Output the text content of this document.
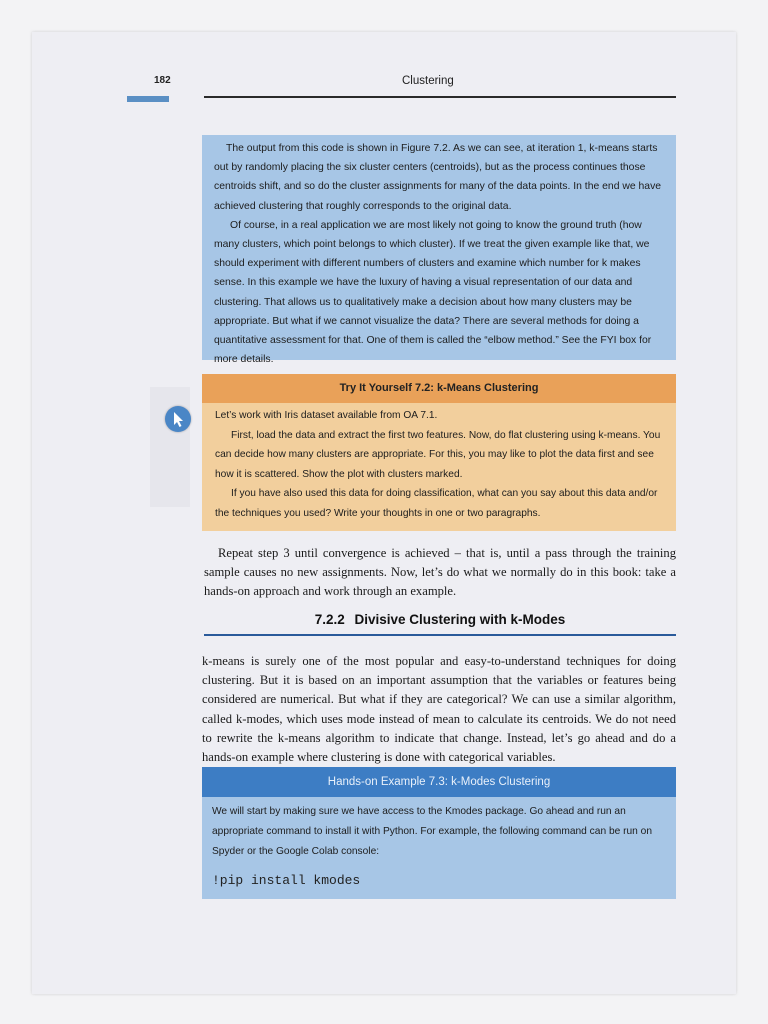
182	Clustering

The output from this code is shown in Figure 7.2. As we can see, at iteration 1, k-means starts out by randomly placing the six cluster centers (centroids), but as the process continues those centroids shift, and so do the cluster assignments for many of the data points. In the end we have achieved clustering that roughly corresponds to the original data.

Of course, in a real application we are most likely not going to know the ground truth (how many clusters, which point belongs to which cluster). If we treat the given example like that, we should experiment with different numbers of clusters and examine which number for k makes sense. In this example we have the luxury of having a visual representation of our data and clustering. That allows us to qualitatively make a decision about how many clusters may be appropriate. But what if we cannot visualize the data? There are several methods for doing a quantitative assessment for that. One of them is called the “elbow method.” See the FYI box for more details.

Try It Yourself 7.2: k-Means Clustering

Let’s work with Iris dataset available from OA 7.1.

First, load the data and extract the first two features. Now, do flat clustering using k-means. You can decide how many clusters are appropriate. For this, you may like to plot the data first and see how it is scattered. Show the plot with clusters marked.

If you have also used this data for doing classification, what can you say about this data and/or the techniques you used? Write your thoughts in one or two paragraphs.

Repeat step 3 until convergence is achieved – that is, until a pass through the training sample causes no new assignments. Now, let’s do what we normally do in this book: take a hands-on approach and work through an example.
7.2.2 Divisive Clustering with k-Modes
k-means is surely one of the most popular and easy-to-understand techniques for doing clustering. But it is based on an important assumption that the variables or features being considered are numerical. But what if they are categorical? We can use a similar algorithm, called k-modes, which uses mode instead of mean to calculate its centroids. We do not need to rewrite the k-means algorithm to indicate that change. Instead, let’s go ahead and do a hands-on example where clustering is done with categorical variables.
Hands-on Example 7.3: k-Modes Clustering

We will start by making sure we have access to the Kmodes package. Go ahead and run an appropriate command to install it with Python. For example, the following command can be run on Spyder or the Google Colab console:

!pip install kmodes
